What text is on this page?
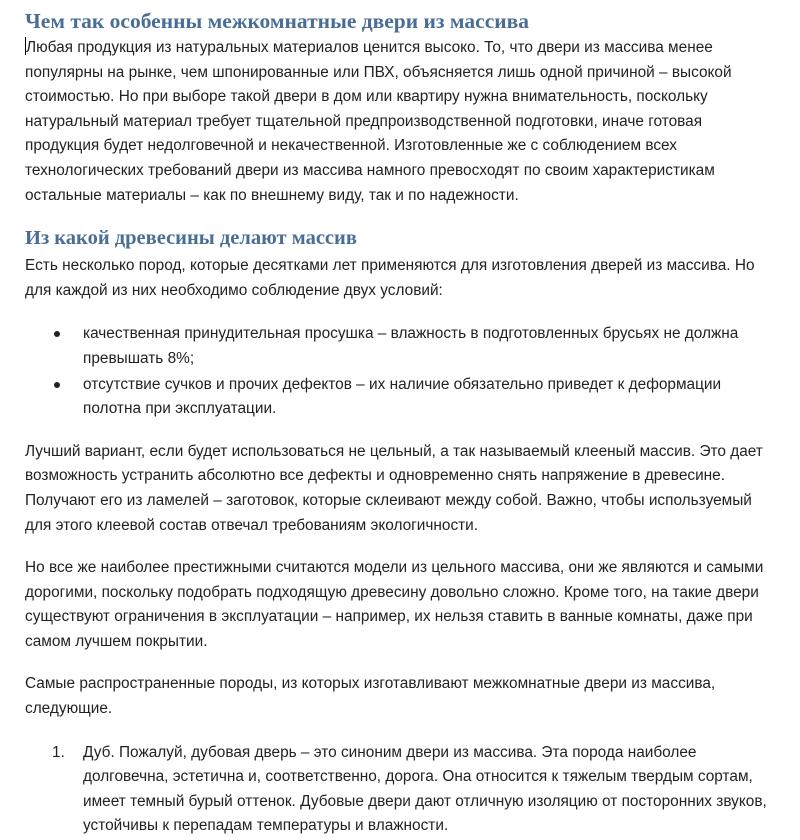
Чем так особенны межкомнатные двери из массива

Любая продукция из натуральных материалов ценится высоко. То, что двери из массива менее популярны на рынке, чем шпонированные или ПВХ, объясняется лишь одной причиной – высокой стоимостью. Но при выборе такой двери в дом или квартиру нужна внимательность, поскольку натуральный материал требует тщательной предпроизводственной подготовки, иначе готовая продукция будет недолговечной и некачественной. Изготовленные же с соблюдением всех технологических требований двери из массива намного превосходят по своим характеристикам остальные материалы – как по внешнему виду, так и по надежности.

Из какой древесины делают массив

Есть несколько пород, которые десятками лет применяются для изготовления дверей из массива. Но для каждой из них необходимо соблюдение двух условий:

качественная принудительная просушка – влажность в подготовленных брусьях не должна превышать 8%;
отсутствие сучков и прочих дефектов – их наличие обязательно приведет к деформации полотна при эксплуатации.

Лучший вариант, если будет использоваться не цельный, а так называемый клееный массив. Это дает возможность устранить абсолютно все дефекты и одновременно снять напряжение в древесине. Получают его из ламелей – заготовок, которые склеивают между собой. Важно, чтобы используемый для этого клеевой состав отвечал требованиям экологичности.

Но все же наиболее престижными считаются модели из цельного массива, они же являются и самыми дорогими, поскольку подобрать подходящую древесину довольно сложно. Кроме того, на такие двери существуют ограничения в эксплуатации – например, их нельзя ставить в ванные комнаты, даже при самом лучшем покрытии.

Самые распространенные породы, из которых изготавливают межкомнатные двери из массива, следующие.

1. Дуб. Пожалуй, дубовая дверь – это синоним двери из массива. Эта порода наиболее долговечна, эстетична и, соответственно, дорога. Она относится к тяжелым твердым сортам, имеет темный бурый оттенок. Дубовые двери дают отличную изоляцию от посторонних звуков, устойчивы к перепадам температуры и влажности.
